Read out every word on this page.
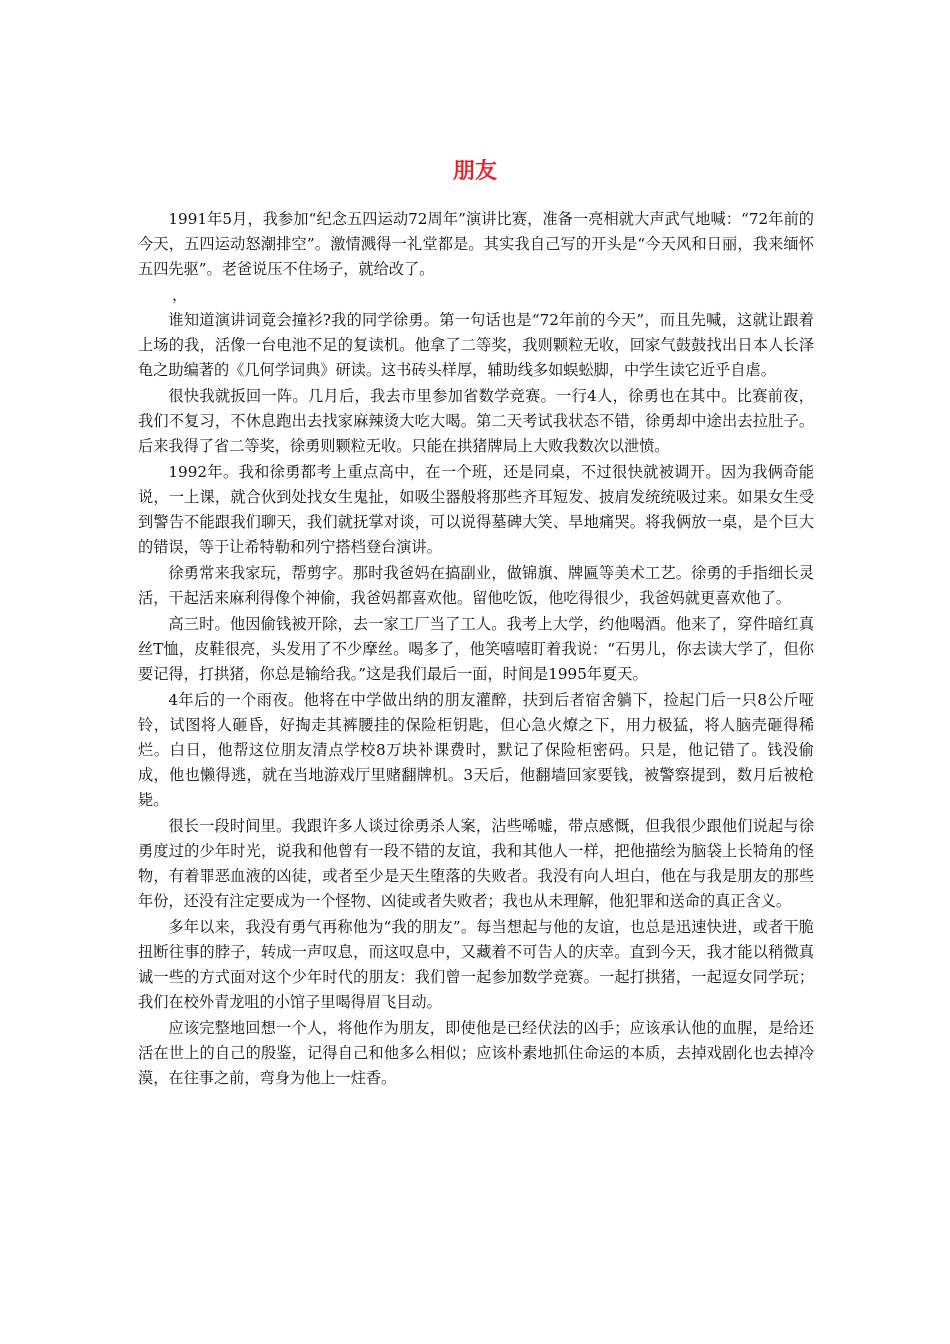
朋友

1991年5月，我参加“纪念五四运动72周年”演讲比赛，准备一亮相就大声武气地喊：“72年前的今天，五四运动怒潮排空”。激情溅得一礼堂都是。其实我自己写的开头是“今天风和日丽，我来缅怀五四先驱”。老爸说压不住场子，就给改了。

，

谁知道演讲词竟会撞衫?我的同学徐勇。第一句话也是“72年前的今天”，而且先喊，这就让跟着上场的我，活像一台电池不足的复读机。他拿了二等奖，我则颗粒无收，回家气鼓鼓找出日本人长泽龟之助编著的《几何学词典》研读。这书砖头样厚，辅助线多如蜈蚣脚，中学生读它近乎自虐。

很快我就扳回一阵。几月后，我去市里参加省数学竞赛。一行4人，徐勇也在其中。比赛前夜，我们不复习，不休息跑出去找家麻辣烫大吃大喝。第二天考试我状态不错，徐勇却中途出去拉肚子。后来我得了省二等奖，徐勇则颗粒无收。只能在拱猪牌局上大败我数次以泄愤。

1992年。我和徐勇都考上重点高中，在一个班，还是同桌，不过很快就被调开。因为我俩奇能说，一上课，就合伙到处找女生鬼扯，如吸尘器般将那些齐耳短发、披肩发统统吸过来。如果女生受到警告不能跟我们聊天，我们就抚掌对谈，可以说得墓碑大笑、旱地痛哭。将我俩放一桌，是个巨大的错误，等于让希特勒和列宁搭档登台演讲。

徐勇常来我家玩，帮剪字。那时我爸妈在搞副业，做锦旗、牌匾等美术工艺。徐勇的手指细长灵活，干起活来麻利得像个神偷，我爸妈都喜欢他。留他吃饭，他吃得很少，我爸妈就更喜欢他了。

高三时。他因偷钱被开除，去一家工厂当了工人。我考上大学，约他喝酒。他来了，穿件暗红真丝T恤，皮鞋很亮，头发用了不少摩丝。喝多了，他笑嘻嘻盯着我说：“石男儿，你去读大学了，但你要记得，打拱猪，你总是输给我。”这是我们最后一面，时间是1995年夏天。

4年后的一个雨夜。他将在中学做出纳的朋友灌醉，扶到后者宿舍躺下，捡起门后一只8公斤哑铃，试图将人砸昏，好掏走其裤腰挂的保险柜钥匙，但心急火燎之下，用力极猛，将人脑壳砸得稀烂。白日，他帮这位朋友清点学校8万块补课费时，默记了保险柜密码。只是，他记错了。钱没偷成，他也懒得逃，就在当地游戏厅里赌翻牌机。3天后，他翻墙回家要钱，被警察提到，数月后被枪毙。

很长一段时间里。我跟许多人谈过徐勇杀人案，沾些唏嘘，带点感慨，但我很少跟他们说起与徐勇度过的少年时光，说我和他曾有一段不错的友谊，我和其他人一样，把他描绘为脑袋上长犄角的怪物，有着罪恶血液的凶徒，或者至少是天生堕落的失败者。我没有向人坦白，他在与我是朋友的那些年份，还没有注定要成为一个怪物、凶徒或者失败者；我也从未理解，他犯罪和送命的真正含义。

多年以来，我没有勇气再称他为“我的朋友”。每当想起与他的友谊，也总是迅速快进，或者干脆扭断往事的脖子，转成一声叹息，而这叹息中，又藏着不可告人的庆幸。直到今天，我才能以稍微真诚一些的方式面对这个少年时代的朋友：我们曾一起参加数学竞赛。一起打拱猪，一起逗女同学玩；我们在校外青龙咀的小馆子里喝得眉飞目动。

应该完整地回想一个人，将他作为朋友，即使他是已经伏法的凶手；应该承认他的血腥，是给还活在世上的自己的殷鉴，记得自己和他多么相似；应该朴素地抓住命运的本质，去掉戏剧化也去掉冷漠，在往事之前，弯身为他上一炷香。
